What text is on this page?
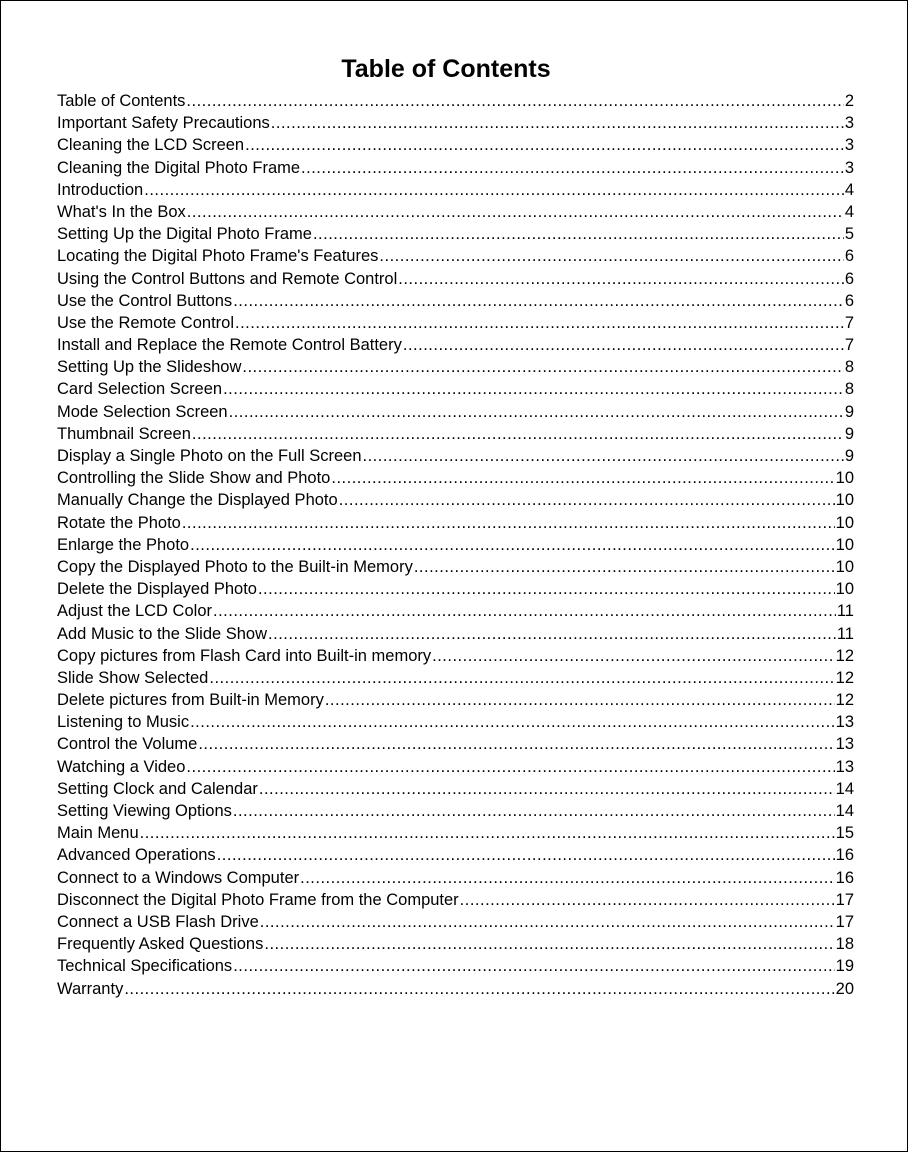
Table of Contents
Table of Contents .....	2
Important Safety Precautions .....	3
Cleaning the LCD Screen .....	3
Cleaning the Digital Photo Frame .....	3
Introduction .....	4
What's In the Box .....	4
Setting Up the Digital Photo Frame .....	5
Locating the Digital Photo Frame's Features .....	6
Using the Control Buttons and Remote Control .....	6
Use the Control Buttons .....	6
Use the Remote Control .....	7
Install and Replace the Remote Control Battery .....	7
Setting Up the Slideshow .....	8
Card Selection Screen .....	8
Mode Selection Screen .....	9
Thumbnail Screen .....	9
Display a Single Photo on the Full Screen .....	9
Controlling the Slide Show and Photo .....	10
Manually Change the Displayed Photo .....	10
Rotate the Photo .....	10
Enlarge the Photo .....	10
Copy the Displayed Photo to the Built-in Memory .....	10
Delete the Displayed Photo .....	10
Adjust the LCD Color .....	11
Add Music to the Slide Show .....	11
Copy pictures from Flash Card into Built-in memory .....	12
Slide Show Selected .....	12
Delete pictures from Built-in Memory .....	12
Listening to Music .....	13
Control the Volume .....	13
Watching a Video .....	13
Setting Clock and Calendar .....	14
Setting Viewing Options .....	14
Main Menu .....	15
Advanced Operations .....	16
Connect to a Windows Computer .....	16
Disconnect the Digital Photo Frame from the Computer .....	17
Connect a USB Flash Drive .....	17
Frequently Asked Questions .....	18
Technical Specifications .....	19
Warranty .....	20
